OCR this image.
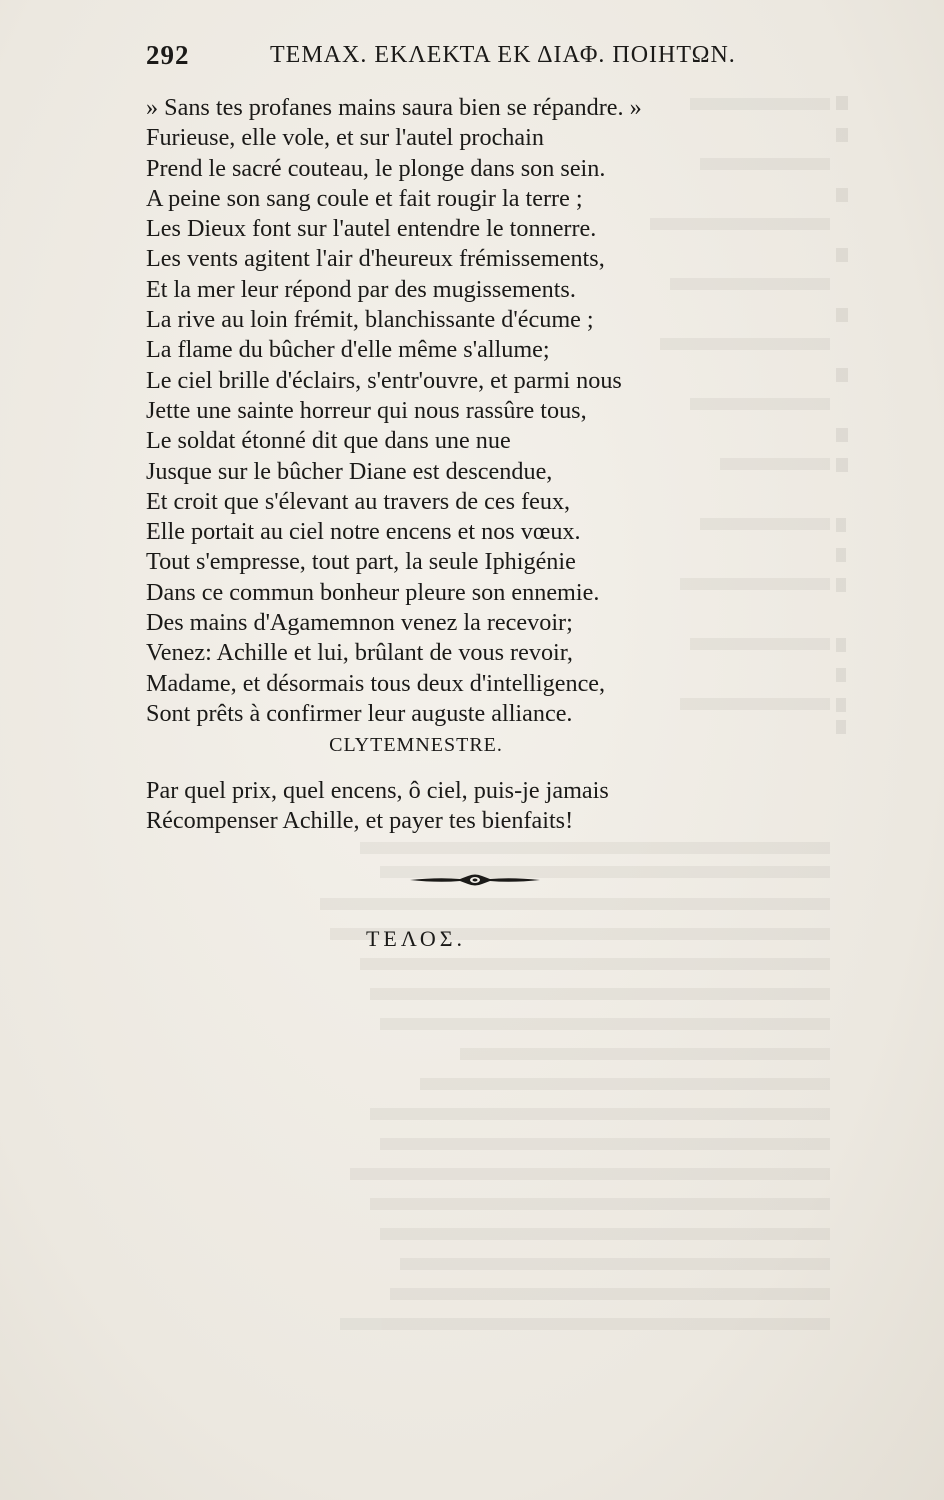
292	ΤΕΜΑΧ. ΕΚΛΕΚΤΑ ΕΚ ΔΙΑΦ. ΠΟΙΗΤΩΝ.
» Sans tes profanes mains saura bien se répandre. »
Furieuse, elle vole, et sur l'autel prochain
Prend le sacré couteau, le plonge dans son sein.
A peine son sang coule et fait rougir la terre ;
Les Dieux font sur l'autel entendre le tonnerre.
Les vents agitent l'air d'heureux frémissements,
Et la mer leur répond par des mugissements.
La rive au loin frémit, blanchissante d'écume ;
La flame du bûcher d'elle même s'allume;
Le ciel brille d'éclairs, s'entr'ouvre, et parmi nous
Jette une sainte horreur qui nous rassûre tous,
Le soldat étonné dit que dans une nue
Jusque sur le bûcher Diane est descendue,
Et croit que s'élevant au travers de ces feux,
Elle portait au ciel notre encens et nos vœux.
Tout s'empresse, tout part, la seule Iphigénie
Dans ce commun bonheur pleure son ennemie.
Des mains d'Agamemnon venez la recevoir;
Venez: Achille et lui, brûlant de vous revoir,
Madame, et désormais tous deux d'intelligence,
Sont prêts à confirmer leur auguste alliance.
CLYTEMNESTRE.
Par quel prix, quel encens, ô ciel, puis-je jamais
Récompenser Achille, et payer tes bienfaits!
ΤΕΛΟΣ.
